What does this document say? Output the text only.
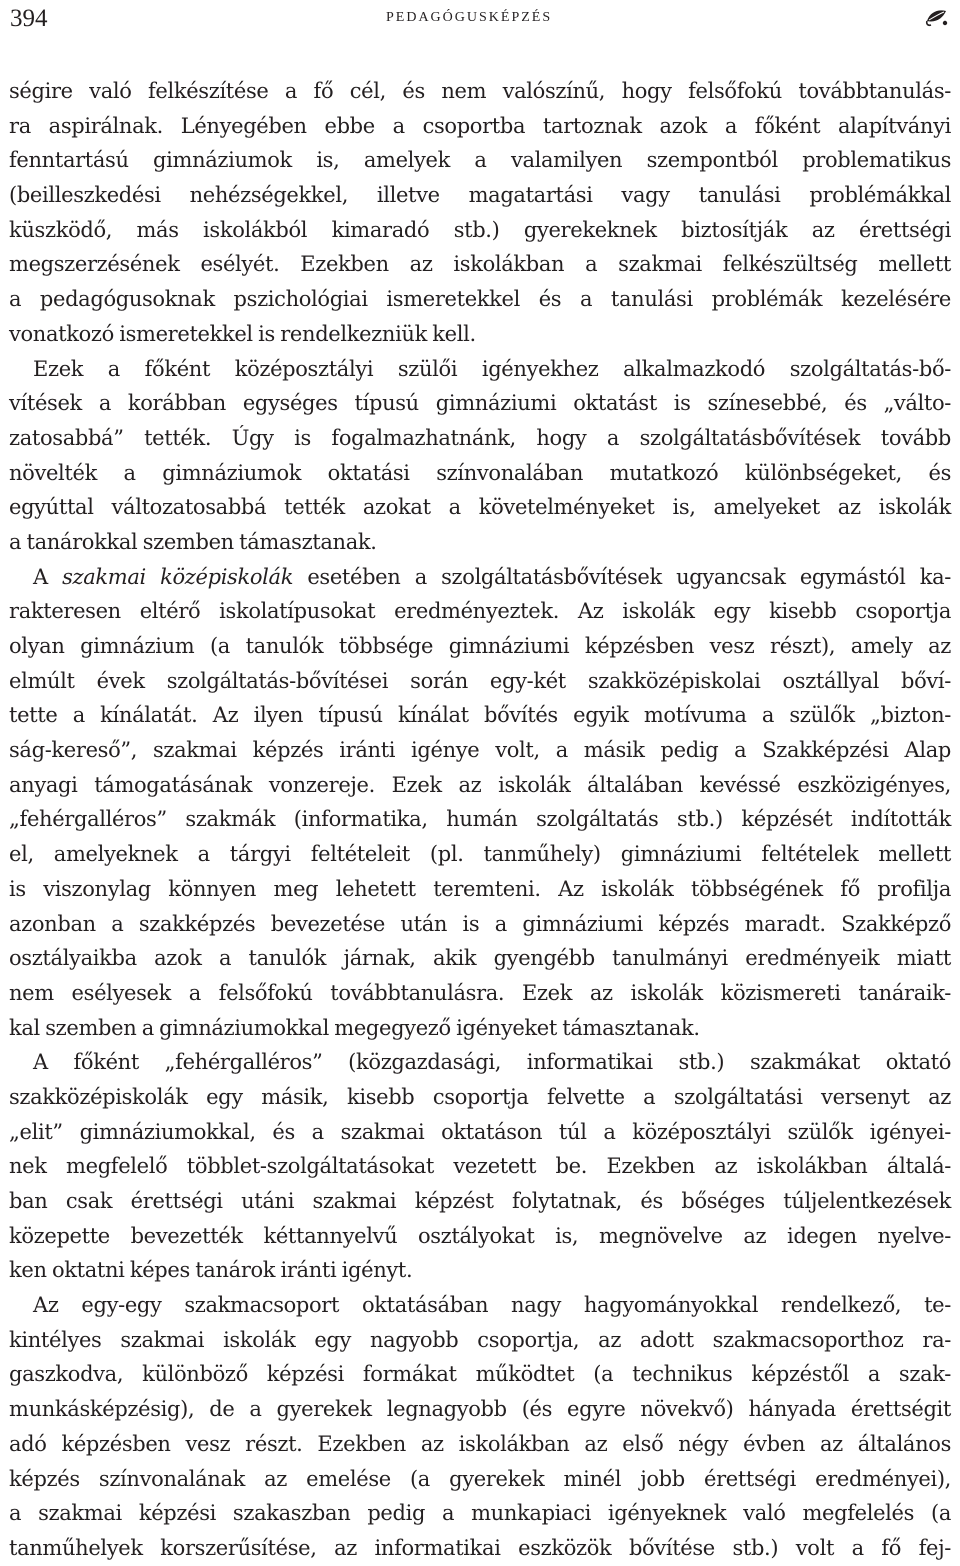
394	PEDAGÓGUSKÉPZÉS
ségire való felkészítése a fő cél, és nem valószínű, hogy felsőfokú továbbtanulás-
ra aspirálnak. Lényegében ebbe a csoportba tartoznak azok a főként alapítványi
fenntartású gimnáziumok is, amelyek a valamilyen szempontból problematikus
(beilleszkedési nehézségekkel, illetve magatartási vagy tanulási problémákkal
küszködő, más iskolákból kimaradó stb.) gyerekeknek biztosítják az érettségi
megszerzésének esélyét. Ezekben az iskolákban a szakmai felkészültség mellett
a pedagógusoknak pszichológiai ismeretekkel és a tanulási problémák kezelésére
vonatkozó ismeretekkel is rendelkezniük kell.
Ezek a főként középosztályi szülői igényekhez alkalmazkodó szolgáltatás-bő-
vítések a korábban egységes típusú gimnáziumi oktatást is színesebbé, és „válto-
zatosabbá” tették. Úgy is fogalmazhatnánk, hogy a szolgáltatásbővítések tovább
növelték a gimnáziumok oktatási színvonalában mutatkozó különbségeket, és
egyúttal változatosabbá tették azokat a követelményeket is, amelyeket az iskolák
a tanárokkal szemben támasztanak.
A szakmai középiskolák esetében a szolgáltatásbővítések ugyancsak egymástól ka-
rakteresen eltérő iskolatípusokat eredményeztek. Az iskolák egy kisebb csoportja
olyan gimnázium (a tanulók többsége gimnáziumi képzésben vesz részt), amely az
elmúlt évek szolgáltatás-bővítései során egy-két szakközépiskolai osztállyal bőví-
tette a kínálatát. Az ilyen típusú kínálat bővítés egyik motívuma a szülők „bizton-
ság-kereső”, szakmai képzés iránti igénye volt, a másik pedig a Szakképzési Alap
anyagi támogatásának vonzereje. Ezek az iskolák általában kevéssé eszközigényes,
„fehérgalléros” szakmák (informatika, humán szolgáltatás stb.) képzését indították
el, amelyeknek a tárgyi feltételeit (pl. tanműhely) gimnáziumi feltételek mellett
is viszonylag könnyen meg lehetett teremteni. Az iskolák többségének fő profilja
azonban a szakképzés bevezetése után is a gimnáziumi képzés maradt. Szakképző
osztályaikba azok a tanulók járnak, akik gyengébb tanulmányi eredményeik miatt
nem esélyesek a felsőfokú továbbtanulásra. Ezek az iskolák közismereti tanáraik-
kal szemben a gimnáziumokkal megegyező igényeket támasztanak.
A főként „fehérgalléros” (közgazdasági, informatikai stb.) szakmákat oktató
szakközépiskolák egy másik, kisebb csoportja felvette a szolgáltatási versenyt az
„elit” gimnáziumokkal, és a szakmai oktatáson túl a középosztályi szülők igényei-
nek megfelelő többlet-szolgáltatásokat vezetett be. Ezekben az iskolákban általá-
ban csak érettségi utáni szakmai képzést folytatnak, és bőséges túljelentkezések
közepette bevezették kéttannyelvű osztályokat is, megnövelve az idegen nyelve-
ken oktatni képes tanárok iránti igényt.
Az egy-egy szakmacsoport oktatásában nagy hagyományokkal rendelkező, te-
kintélyes szakmai iskolák egy nagyobb csoportja, az adott szakmacsoporthoz ra-
gaszkodva, különböző képzési formákat működtet (a technikus képzéstől a szak-
munkásképzésig), de a gyerekek legnagyobb (és egyre növekvő) hányada érettségit
adó képzésben vesz részt. Ezekben az iskolákban az első négy évben az általános
képzés színvonalának az emelése (a gyerekek minél jobb érettségi eredményei),
a szakmai képzési szakaszban pedig a munkapiaci igényeknek való megfelelés (a
tanműhelyek korszerűsítése, az informatikai eszközök bővítése stb.) volt a fő fej-
